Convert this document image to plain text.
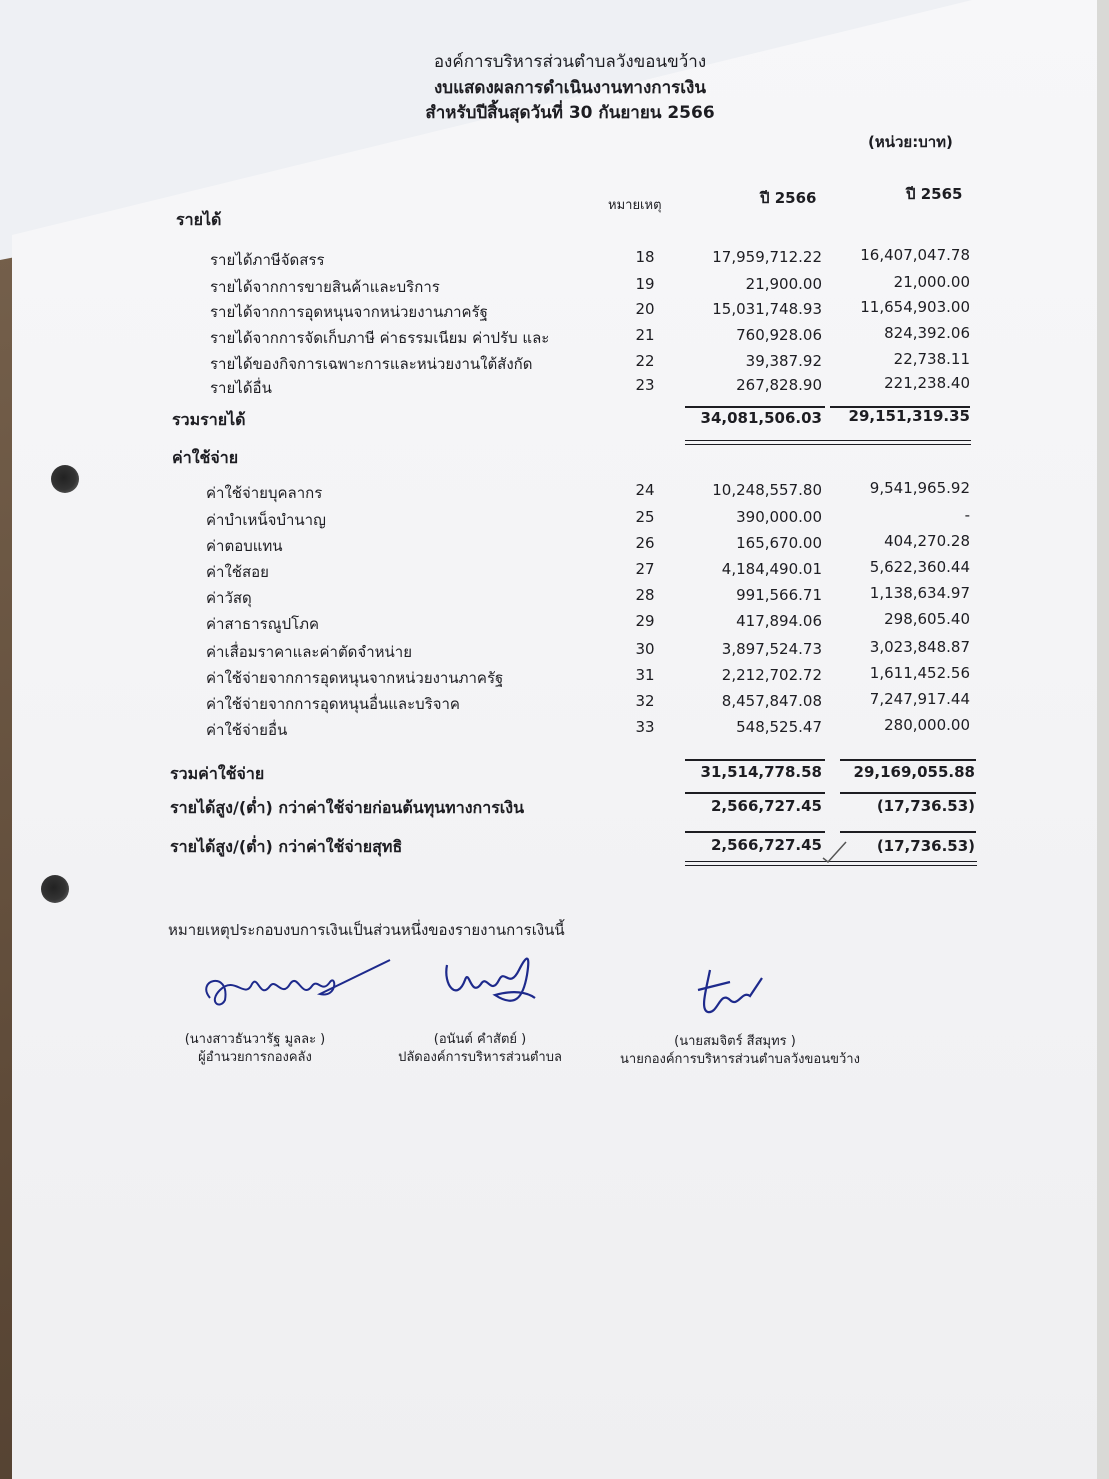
องค์การบริหารส่วนตำบลวังขอนขว้าง
งบแสดงผลการดำเนินงานทางการเงิน
สำหรับปีสิ้นสุดวันที่ 30 กันยายน 2566
(หน่วย:บาท)
หมายเหตุ	ปี 2566	ปี 2565
รายได้
รายได้ภาษีจัดสรร	18	17,959,712.22	16,407,047.78
รายได้จากการขายสินค้าและบริการ	19	21,900.00	21,000.00
รายได้จากการอุดหนุนจากหน่วยงานภาครัฐ	20	15,031,748.93	11,654,903.00
รายได้จากการจัดเก็บภาษี ค่าธรรมเนียม ค่าปรับ และ	21	760,928.06	824,392.06
รายได้ของกิจการเฉพาะการและหน่วยงานใต้สังกัด	22	39,387.92	22,738.11
รายได้อื่น	23	267,828.90	221,238.40
รวมรายได้	34,081,506.03	29,151,319.35
ค่าใช้จ่าย
ค่าใช้จ่ายบุคลากร	24	10,248,557.80	9,541,965.92
ค่าบำเหน็จบำนาญ	25	390,000.00	-
ค่าตอบแทน	26	165,670.00	404,270.28
ค่าใช้สอย	27	4,184,490.01	5,622,360.44
ค่าวัสดุ	28	991,566.71	1,138,634.97
ค่าสาธารณูปโภค	29	417,894.06	298,605.40
ค่าเสื่อมราคาและค่าตัดจำหน่าย	30	3,897,524.73	3,023,848.87
ค่าใช้จ่ายจากการอุดหนุนจากหน่วยงานภาครัฐ	31	2,212,702.72	1,611,452.56
ค่าใช้จ่ายจากการอุดหนุนอื่นและบริจาค	32	8,457,847.08	7,247,917.44
ค่าใช้จ่ายอื่น	33	548,525.47	280,000.00
รวมค่าใช้จ่าย	31,514,778.58	29,169,055.88
รายได้สูง/(ต่ำ) กว่าค่าใช้จ่ายก่อนต้นทุนทางการเงิน	2,566,727.45	(17,736.53)
รายได้สูง/(ต่ำ) กว่าค่าใช้จ่ายสุทธิ	2,566,727.45	(17,736.53)
หมายเหตุประกอบงบการเงินเป็นส่วนหนึ่งของรายงานการเงินนี้
(นางสาวธันวารัฐ มูลละ )
ผู้อำนวยการกองคลัง
(อนันต์ คำสัตย์ )
ปลัดองค์การบริหารส่วนตำบล
(นายสมจิตร์ สีสมุทร )
นายกองค์การบริหารส่วนตำบลวังขอนขว้าง
